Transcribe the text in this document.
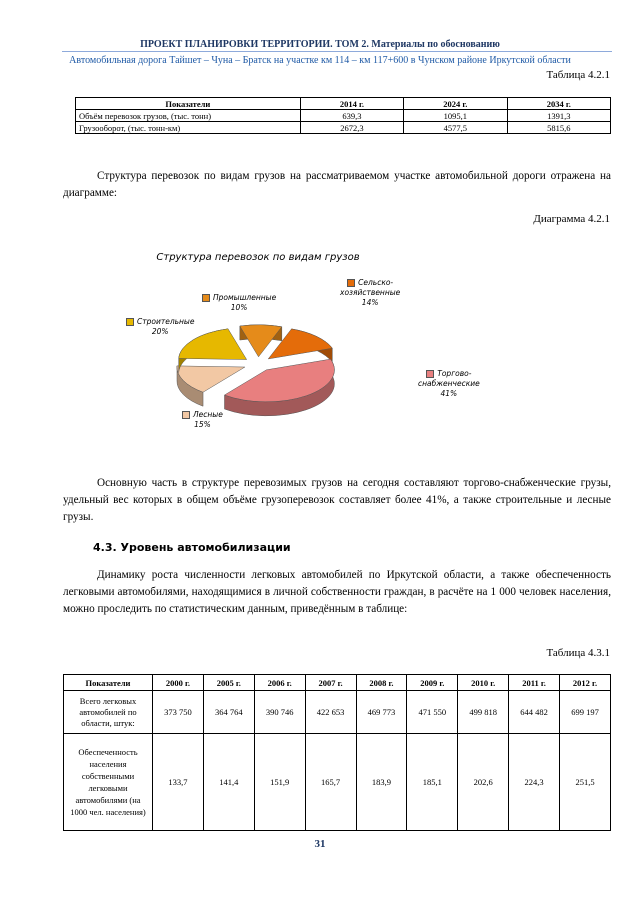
ПРОЕКТ ПЛАНИРОВКИ ТЕРРИТОРИИ. ТОМ 2. Материалы по обоснованию
Автомобильная дорога Тайшет – Чуна – Братск на участке км 114 – км 117+600 в Чунском районе Иркутской области
Таблица 4.2.1
Показатели	2014 г.	2024 г.	2034 г.
Объём перевозок грузов, (тыс. тонн)	639,3	1095,1	1391,3
Грузооборот, (тыс. тонн-км)	2672,3	4577,5	5815,6
Структура перевозок по видам грузов на рассматриваемом участке автомобильной дороги отражена на диаграмме:
Диаграмма 4.2.1
Структура перевозок по видам грузов
Сельско-
хозяйственные
14%
Торгово-
снабженческие
41%
Лесные
15%
Строительные
20%
Промышленные
10%
Основную часть в структуре перевозимых грузов на сегодня составляют торгово-снабженческие грузы, удельный вес которых в общем объёме грузоперевозок составляет более 41%, а также строительные и лесные грузы.
4.3. Уровень автомобилизации
Динамику роста численности легковых автомобилей по Иркутской области, а также обеспеченность легковыми автомобилями, находящимися в личной собственности граждан, в расчёте на 1 000 человек населения, можно проследить по статистическим данным, приведённым в таблице:
Таблица 4.3.1
Показатели	2000 г.	2005 г.	2006 г.	2007 г.	2008 г.	2009 г.	2010 г.	2011 г.	2012 г.
Всего легковых автомобилей по области, штук:	373 750	364 764	390 746	422 653	469 773	471 550	499 818	644 482	699 197
Обеспеченность населения собственными легковыми автомобилями (на 1000 чел. населения)	133,7	141,4	151,9	165,7	183,9	185,1	202,6	224,3	251,5
31
